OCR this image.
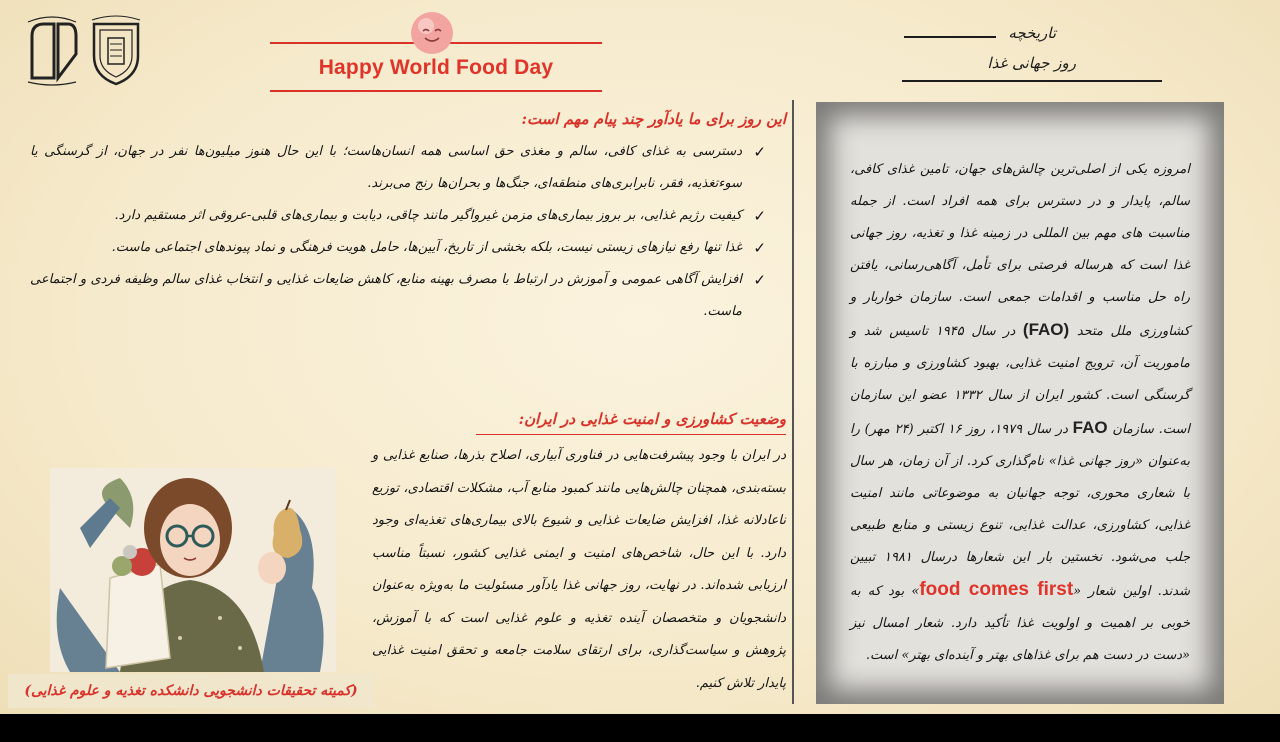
Happy World Food Day
تاریخچه
روز جهانی غذا
امروزه یکی از اصلی‌ترین چالش‌های جهان، تامین غذای کافی، سالم، پایدار و در دسترس برای همه افراد است. از جمله مناسبت های مهم بین المللی در زمینه غذا و تغذیه، روز جهانی غذا است که هرساله فرصتی برای تأمل، آگاهی‌رسانی، یافتن راه حل مناسب و اقدامات جمعی است. سازمان خواربار و کشاورزی ملل متحد (FAO) در سال ۱۹۴۵ تاسیس شد و ماموریت آن، ترویج امنیت غذایی، بهبود کشاورزی و مبارزه با گرسنگی است. کشور ایران از سال ۱۳۳۲ عضو این سازمان است. سازمان FAO در سال ۱۹۷۹، روز ۱۶ اکتبر (۲۴ مهر) را به‌عنوان «روز جهانی غذا» نام‌گذاری کرد. از آن زمان، هر سال با شعاری محوری، توجه جهانیان به موضوعاتی مانند امنیت غذایی، کشاورزی، عدالت غذایی، تنوع زیستی و منابع طبیعی جلب می‌شود. نخستین بار این شعارها درسال ۱۹۸۱ تبیین شدند. اولین شعار «food comes first» بود که به خوبی بر اهمیت و اولویت غذا تأکید دارد. شعار امسال نیز «دست در دست هم برای غذاهای بهتر و آینده‌ای بهتر» است.
این روز برای ما یادآور چند پیام مهم است:
✓
دسترسی به غذای کافی، سالم و مغذی حق اساسی همه انسان‌هاست؛ با این حال هنوز میلیون‌ها نفر در جهان، از گرسنگی یا سوء‌تغذیه، فقر، نابرابری‌های منطقه‌ای، جنگ‌ها و بحران‌ها رنج می‌برند.
✓
کیفیت رژیم غذایی، بر بروز بیماری‌های مزمن غیرواگیر مانند چاقی، دیابت و بیماری‌های قلبی-عروقی اثر مستقیم دارد.
✓
غذا تنها رفع نیازهای زیستی نیست، بلکه بخشی از تاریخ، آیین‌ها، حامل هویت فرهنگی و نماد پیوندهای اجتماعی ماست.
✓
افزایش آگاهی عمومی و آموزش در ارتباط با مصرف بهینه منابع، کاهش ضایعات غذایی و انتخاب غذای سالم وظیفه فردی و اجتماعی ماست.
وضعیت کشاورزی و امنیت غذایی در ایران:
در ایران با وجود پیشرفت‌هایی در فناوری آبیاری، اصلاح بذرها، صنایع غذایی و بسته‌بندی، همچنان چالش‌هایی مانند کمبود منابع آب، مشکلات اقتصادی، توزیع ناعادلانه غذا، افزایش ضایعات غذایی و شیوع بالای بیماری‌های تغذیه‌ای وجود دارد. با این حال، شاخص‌های امنیت و ایمنی غذایی کشور، نسبتاً مناسب ارزیابی شده‌اند. در نهایت، روز جهانی غذا یادآور مسئولیت ما به‌ویژه به‌عنوان دانشجویان و متخصصان آینده تغذیه و علوم غذایی است که با آموزش، پژوهش و سیاست‌گذاری، برای ارتقای سلامت جامعه و تحقق امنیت غذایی پایدار تلاش کنیم.
(کمیته تحقیقات دانشجویی دانشکده تغذیه و علوم غذایی)
